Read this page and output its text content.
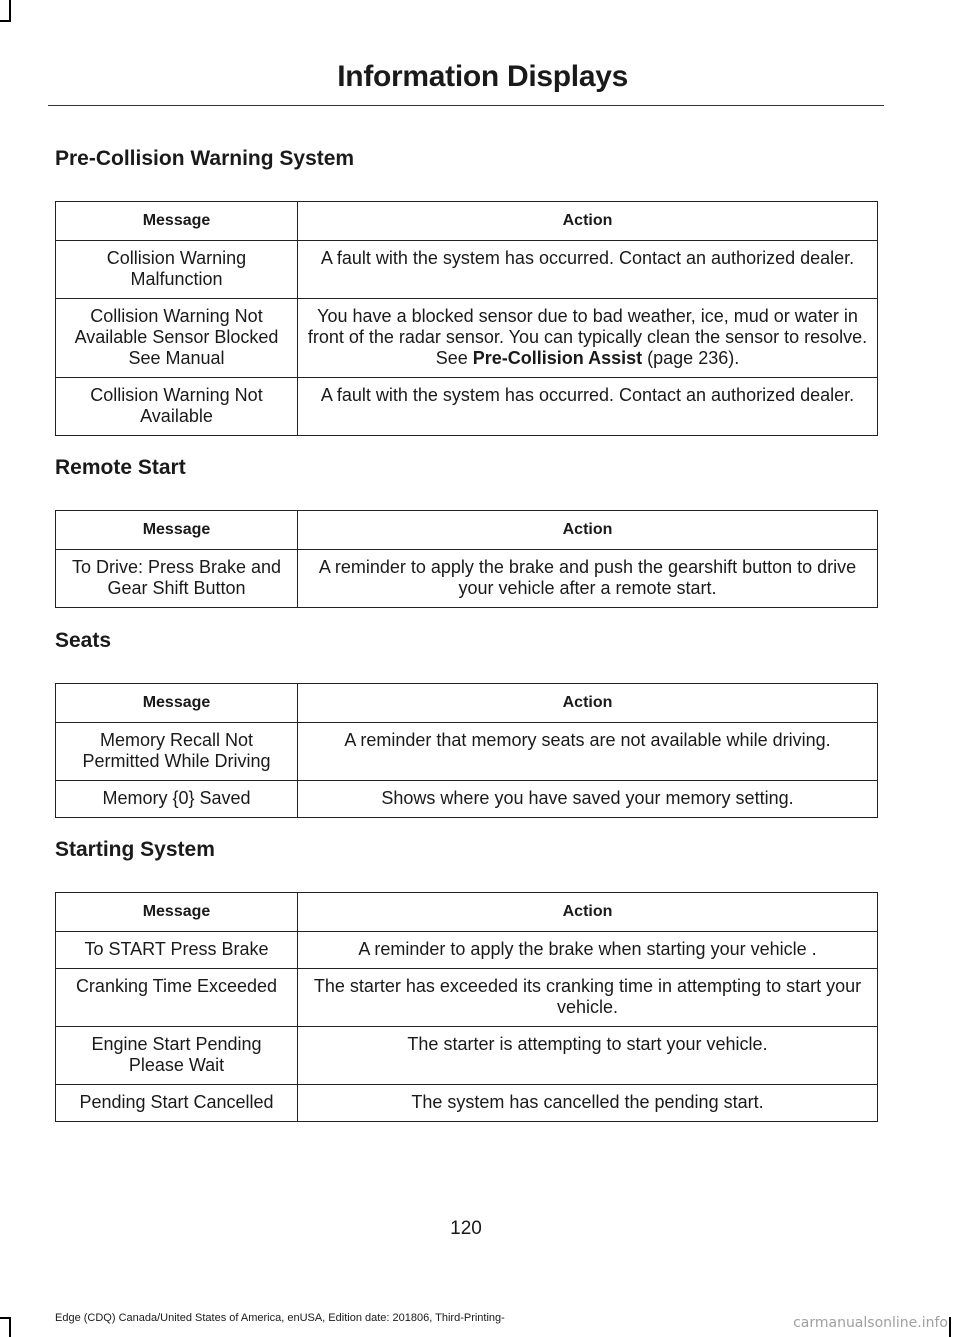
Information Displays
Pre-Collision Warning System
Message	Action
Collision Warning Malfunction	A fault with the system has occurred. Contact an authorized dealer.
Collision Warning Not Available Sensor Blocked See Manual	You have a blocked sensor due to bad weather, ice, mud or water in front of the radar sensor. You can typically clean the sensor to resolve. See Pre-Collision Assist (page 236).
Collision Warning Not Available	A fault with the system has occurred. Contact an authorized dealer.
Remote Start
Message	Action
To Drive: Press Brake and Gear Shift Button	A reminder to apply the brake and push the gearshift button to drive your vehicle after a remote start.
Seats
Message	Action
Memory Recall Not Permitted While Driving	A reminder that memory seats are not available while driving.
Memory {0} Saved	Shows where you have saved your memory setting.
Starting System
Message	Action
To START Press Brake	A reminder to apply the brake when starting your vehicle .
Cranking Time Exceeded	The starter has exceeded its cranking time in attempting to start your vehicle.
Engine Start Pending Please Wait	The starter is attempting to start your vehicle.
Pending Start Cancelled	The system has cancelled the pending start.
120
Edge (CDQ) Canada/United States of America, enUSA, Edition date: 201806, Third-Printing-	carmanualsonline.info
